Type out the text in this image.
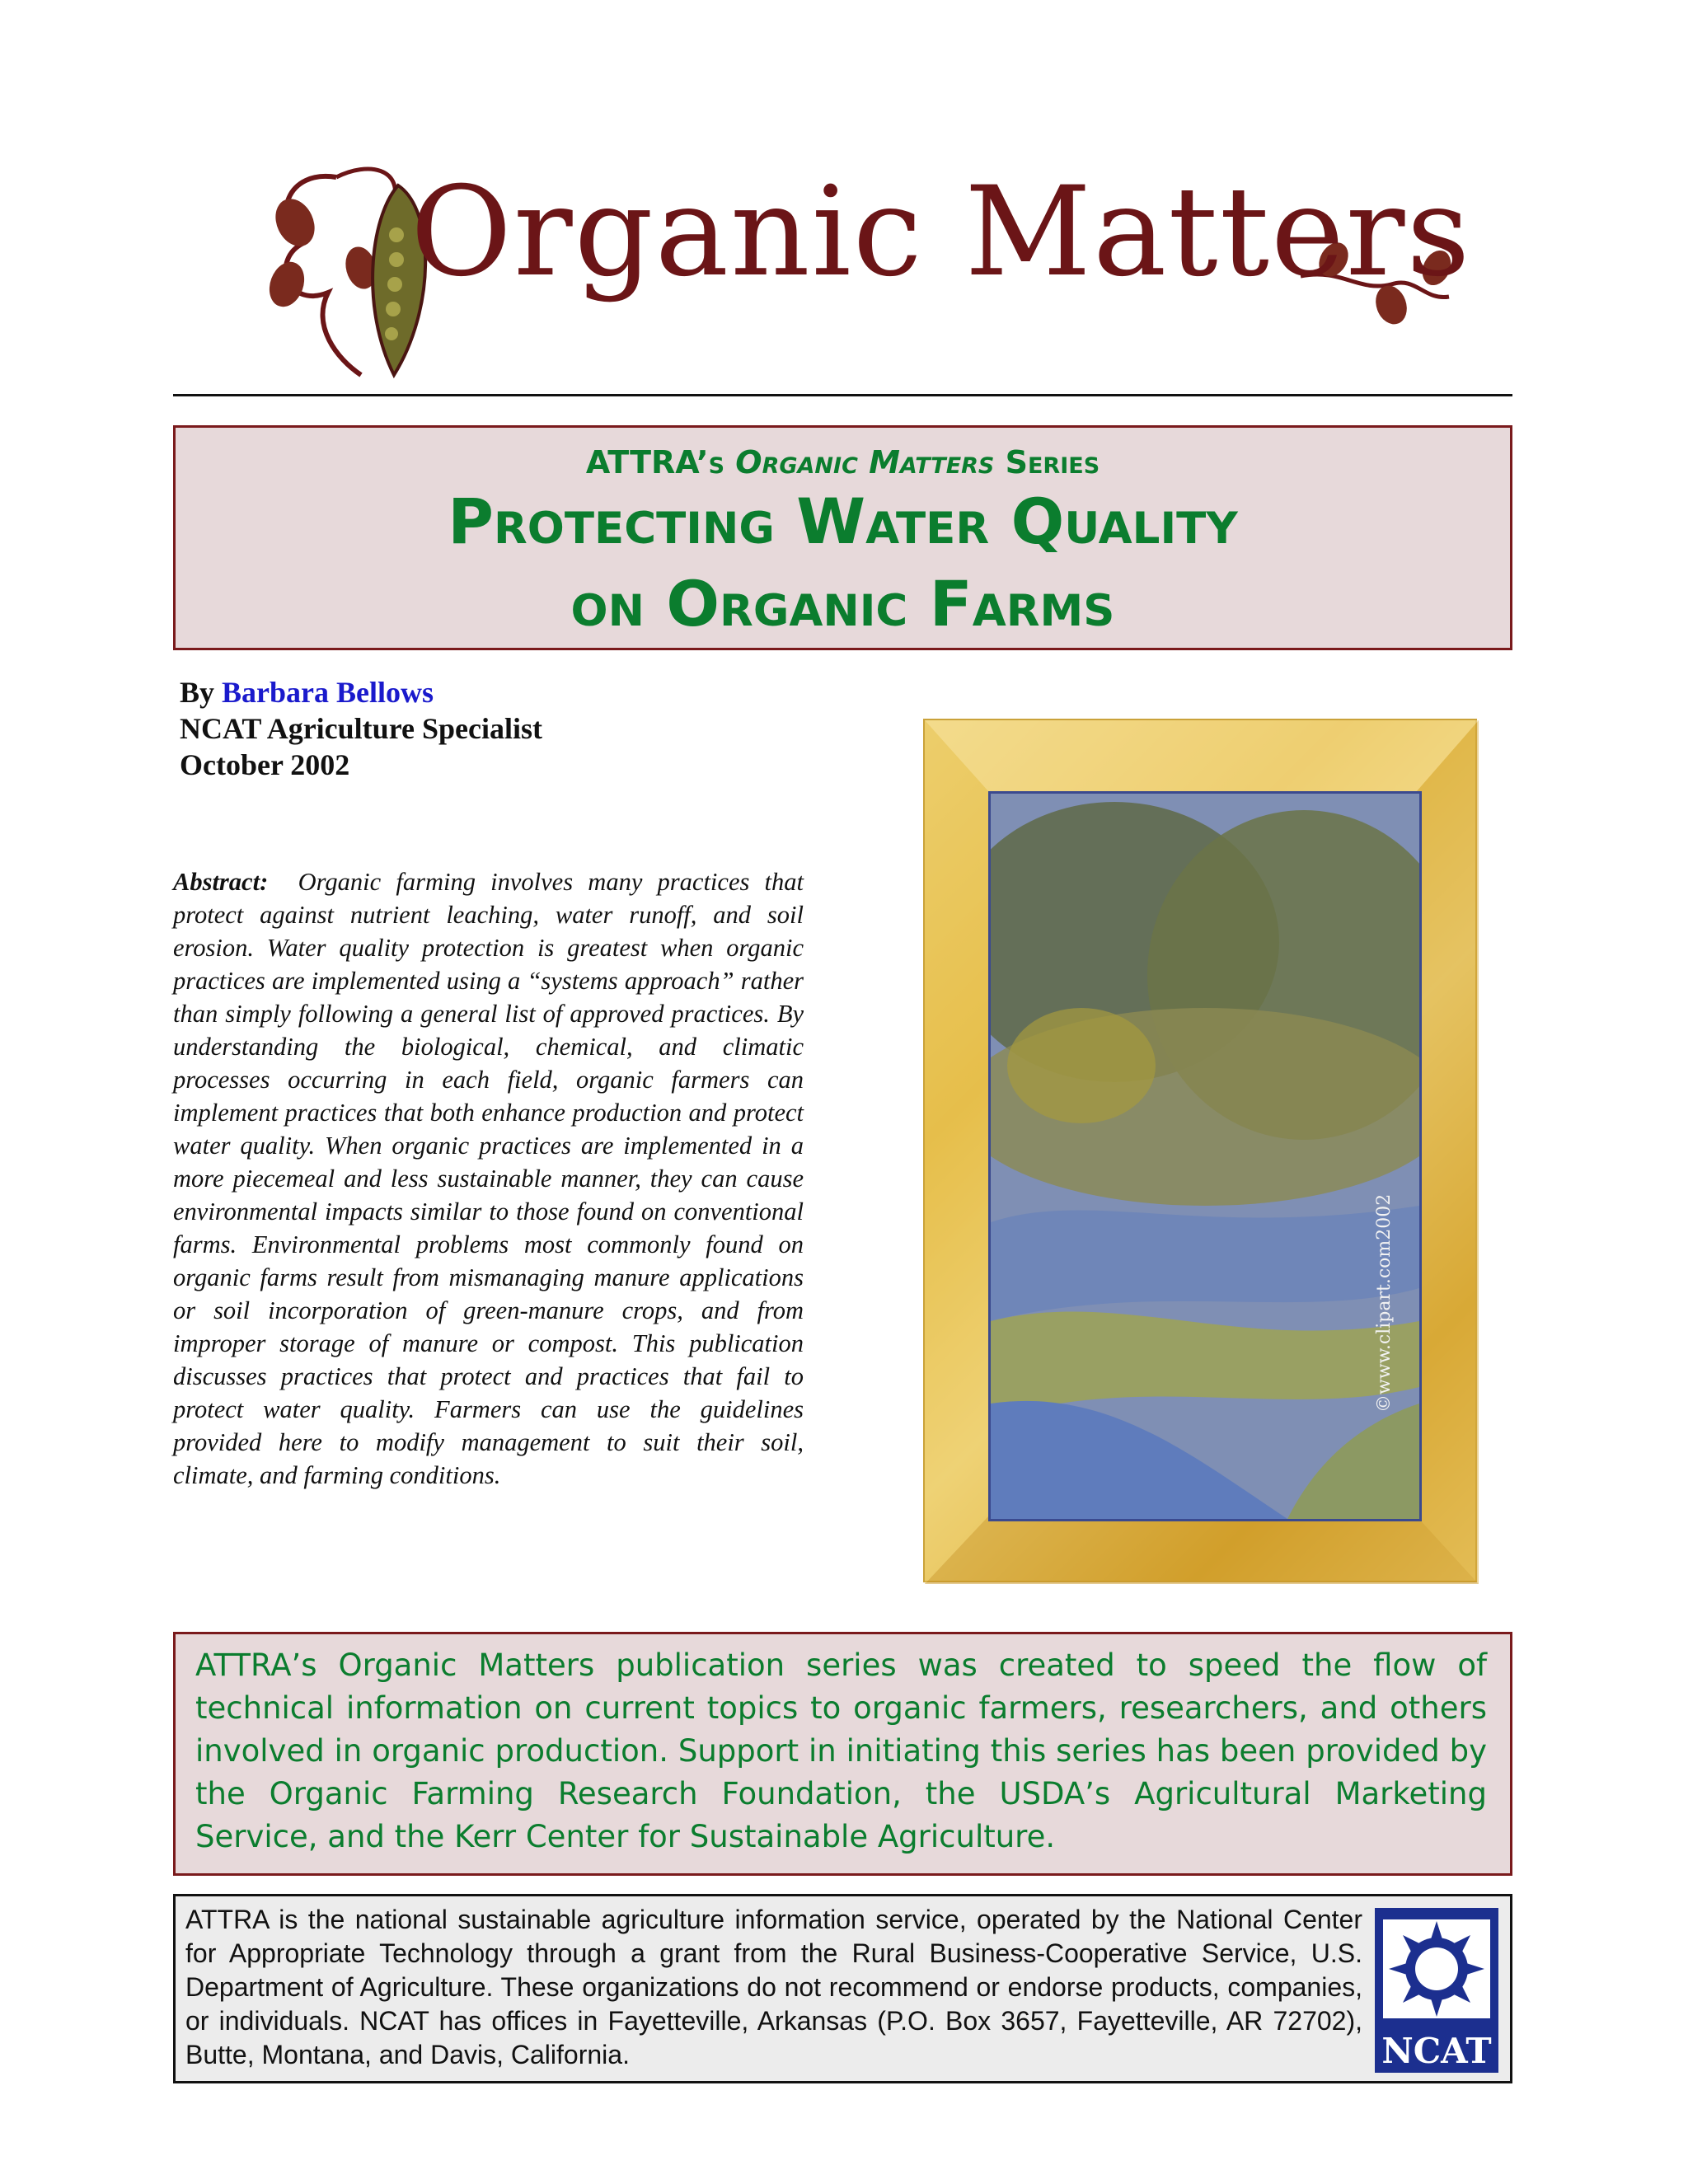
Organic Matters
ATTRA’s Organic Matters Series
Protecting Water Quality
on Organic Farms
By Barbara Bellows
NCAT Agriculture Specialist
October 2002
Abstract: Organic farming involves many practices that protect against nutrient leaching, water runoff, and soil erosion. Water quality protection is greatest when organic practices are implemented using a “systems approach” rather than simply following a general list of approved practices. By understanding the biological, chemical, and climatic processes occurring in each field, organic farmers can implement practices that both enhance production and protect water quality. When organic practices are implemented in a more piecemeal and less sustainable manner, they can cause environmental impacts similar to those found on conventional farms. Environmental problems most commonly found on organic farms result from mismanaging manure applications or soil incorporation of green-manure crops, and from improper storage of manure or compost. This publication discusses practices that protect and practices that fail to protect water quality. Farmers can use the guidelines provided here to modify management to suit their soil, climate, and farming conditions.
©www.clipart.com2002
ATTRA’s Organic Matters publication series was created to speed the flow of technical information on current topics to organic farmers, researchers, and others involved in organic production. Support in initiating this series has been provided by the Organic Farming Research Foundation, the USDA’s Agricultural Marketing Service, and the Kerr Center for Sustainable Agriculture.
ATTRA is the national sustainable agriculture information service, operated by the National Center for Appropriate Technology through a grant from the Rural Business-Cooperative Service, U.S. Department of Agriculture. These organizations do not recommend or endorse products, companies, or individuals. NCAT has offices in Fayetteville, Arkansas (P.O. Box 3657, Fayetteville, AR 72702), Butte, Montana, and Davis, California.	NCAT
